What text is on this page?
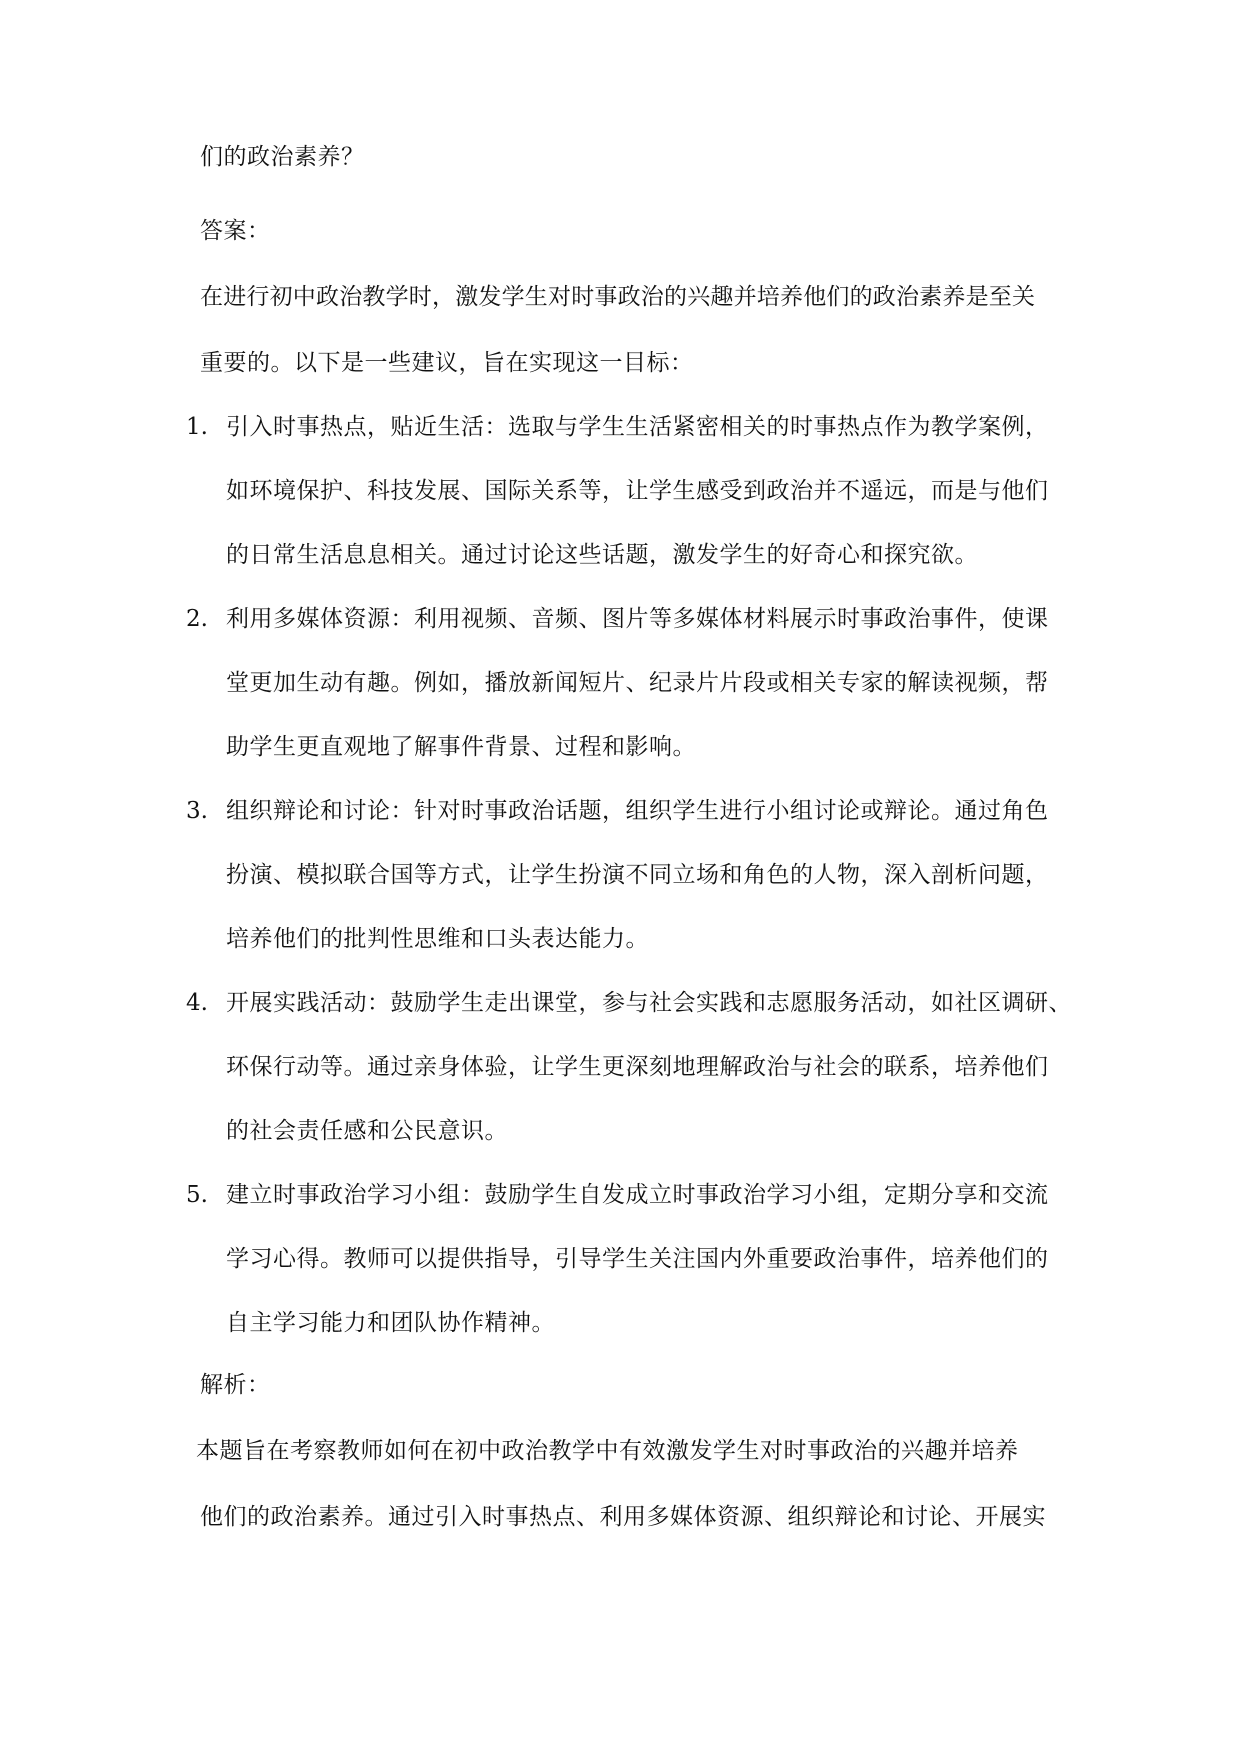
们的政治素养？
答案：
在进行初中政治教学时，激发学生对时事政治的兴趣并培养他们的政治素养是至关
重要的。以下是一些建议，旨在实现这一目标：
1. 引入时事热点，贴近生活：选取与学生生活紧密相关的时事热点作为教学案例，
如环境保护、科技发展、国际关系等，让学生感受到政治并不遥远，而是与他们
的日常生活息息相关。通过讨论这些话题，激发学生的好奇心和探究欲。
2. 利用多媒体资源：利用视频、音频、图片等多媒体材料展示时事政治事件，使课
堂更加生动有趣。例如，播放新闻短片、纪录片片段或相关专家的解读视频，帮
助学生更直观地了解事件背景、过程和影响。
3. 组织辩论和讨论：针对时事政治话题，组织学生进行小组讨论或辩论。通过角色
扮演、模拟联合国等方式，让学生扮演不同立场和角色的人物，深入剖析问题，
培养他们的批判性思维和口头表达能力。
4. 开展实践活动：鼓励学生走出课堂，参与社会实践和志愿服务活动，如社区调研、
环保行动等。通过亲身体验，让学生更深刻地理解政治与社会的联系，培养他们
的社会责任感和公民意识。
5. 建立时事政治学习小组：鼓励学生自发成立时事政治学习小组，定期分享和交流
学习心得。教师可以提供指导，引导学生关注国内外重要政治事件，培养他们的
自主学习能力和团队协作精神。
解析：
本题旨在考察教师如何在初中政治教学中有效激发学生对时事政治的兴趣并培养
他们的政治素养。通过引入时事热点、利用多媒体资源、组织辩论和讨论、开展实
